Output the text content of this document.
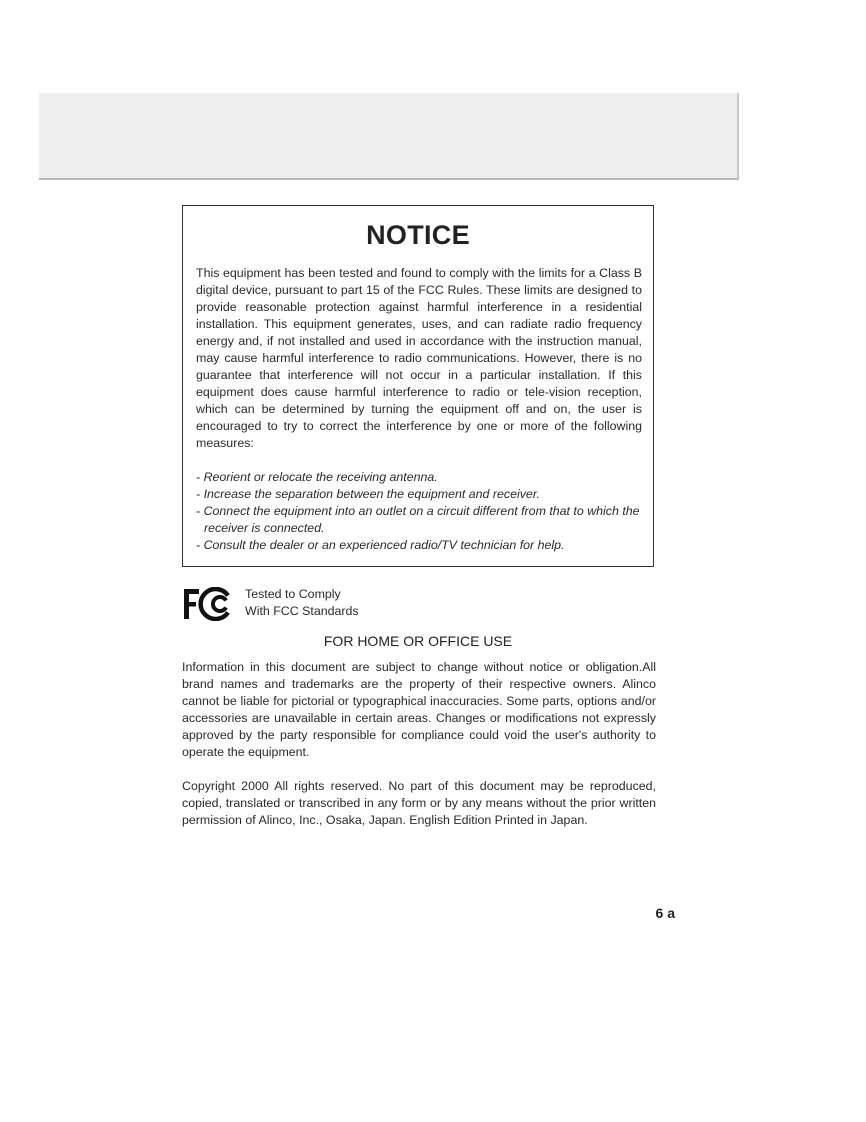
NOTICE

This equipment has been tested and found to comply with the limits for a Class B digital device, pursuant to part 15 of the FCC Rules. These limits are designed to provide reasonable protection against harmful interference in a residential installation. This equipment generates, uses, and can radiate radio frequency energy and, if not installed and used in accordance with the instruction manual, may cause harmful interference to radio communications. However, there is no guarantee that interference will not occur in a particular installation. If this equipment does cause harmful interference to radio or tele-vision reception, which can be determined by turning the equipment off and on, the user is encouraged to try to correct the interference by one or more of the following measures:

- Reorient or relocate the receiving antenna.
- Increase the separation between the equipment and receiver.
- Connect the equipment into an outlet on a circuit different from that to which the receiver is connected.
- Consult the dealer or an experienced radio/TV technician for help.
Tested to Comply
With FCC Standards
FOR HOME OR OFFICE USE

Information in this document are subject to change without notice or obligation.All brand names and trademarks are the property of their respective owners. Alinco cannot be liable for pictorial or typographical inaccuracies. Some parts, options and/or accessories are unavailable in certain areas. Changes or modifications not expressly approved by the party responsible for compliance could void the user's authority to operate the equipment.

Copyright 2000 All rights reserved. No part of this document may be reproduced, copied, translated or transcribed in any form or by any means without the prior written permission of Alinco, Inc., Osaka, Japan. English Edition Printed in Japan.

6 a
